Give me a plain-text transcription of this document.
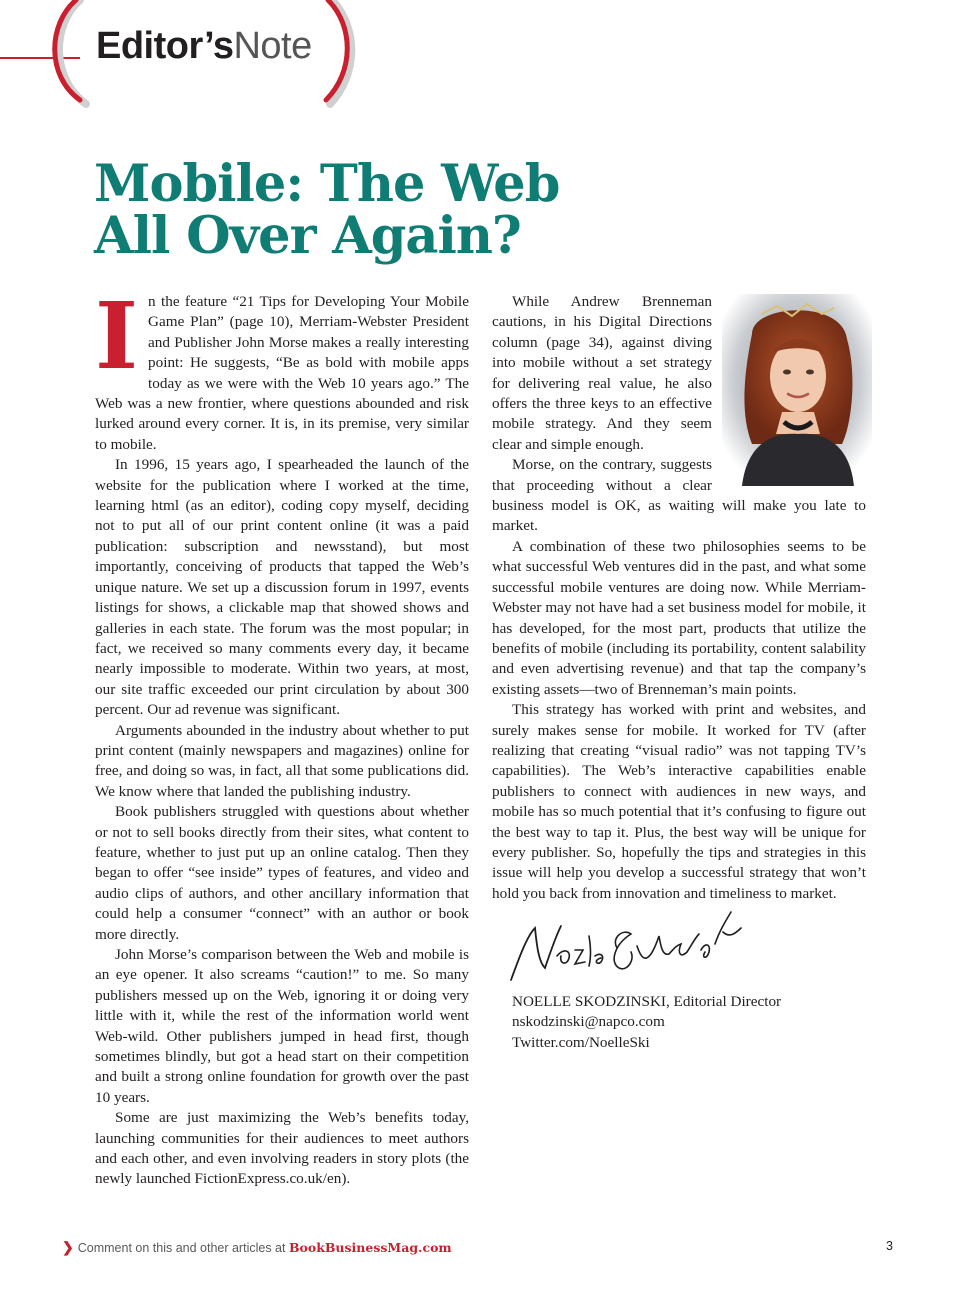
Editor’sNote
Mobile: The Web
All Over Again?

In the feature “21 Tips for Developing Your Mobile Game Plan” (page 10), Merriam-Webster President and Publisher John Morse makes a really interesting point: He suggests, “Be as bold with mobile apps today as we were with the Web 10 years ago.” The Web was a new frontier, where questions abounded and risk lurked around every corner. It is, in its premise, very similar to mobile.

In 1996, 15 years ago, I spearheaded the launch of the website for the publication where I worked at the time, learning html (as an editor), coding copy myself, deciding not to put all of our print content online (it was a paid publication: subscription and newsstand), but most importantly, conceiving of products that tapped the Web’s unique nature. We set up a discussion forum in 1997, events listings for shows, a clickable map that showed shows and galleries in each state. The forum was the most popular; in fact, we received so many comments every day, it became nearly impossible to moderate. Within two years, at most, our site traffic exceeded our print circulation by about 300 percent. Our ad revenue was significant.

Arguments abounded in the industry about whether to put print content (mainly newspapers and magazines) online for free, and doing so was, in fact, all that some publications did. We know where that landed the publishing industry.

Book publishers struggled with questions about whether or not to sell books directly from their sites, what content to feature, whether to just put up an online catalog. Then they began to offer “see inside” types of features, and video and audio clips of authors, and other ancillary information that could help a consumer “connect” with an author or book more directly.

John Morse’s comparison between the Web and mobile is an eye opener. It also screams “caution!” to me. So many publishers messed up on the Web, ignoring it or doing very little with it, while the rest of the information world went Web-wild. Other publishers jumped in head first, though sometimes blindly, but got a head start on their competition and built a strong online foundation for growth over the past 10 years.

Some are just maximizing the Web’s benefits today, launching communities for their audiences to meet authors and each other, and even involving readers in story plots (the newly launched FictionExpress.co.uk/en).

While Andrew Brenneman cautions, in his Digital Directions column (page 34), against diving into mobile without a set strategy for delivering real value, he also offers the three keys to an effective mobile strategy. And they seem clear and simple enough.

Morse, on the contrary, suggests that proceeding without a clear business model is OK, as waiting will make you late to market.

A combination of these two philosophies seems to be what successful Web ventures did in the past, and what some successful mobile ventures are doing now. While Merriam-Webster may not have had a set business model for mobile, it has developed, for the most part, products that utilize the benefits of mobile (including its portability, content salability and even advertising revenue) and that tap the company’s existing assets—two of Brenneman’s main points.

This strategy has worked with print and websites, and surely makes sense for mobile. It worked for TV (after realizing that creating “visual radio” was not tapping TV’s capabilities). The Web’s interactive capabilities enable publishers to connect with audiences in new ways, and mobile has so much potential that it’s confusing to figure out the best way to tap it. Plus, the best way will be unique for every publisher. So, hopefully the tips and strategies in this issue will help you develop a successful strategy that won’t hold you back from innovation and timeliness to market.

NOELLE SKODZINSKI, Editorial Director
nskodzinski@napco.com
Twitter.com/NoelleSki
❯ Comment on this and other articles at BookBusinessMag.com	3
